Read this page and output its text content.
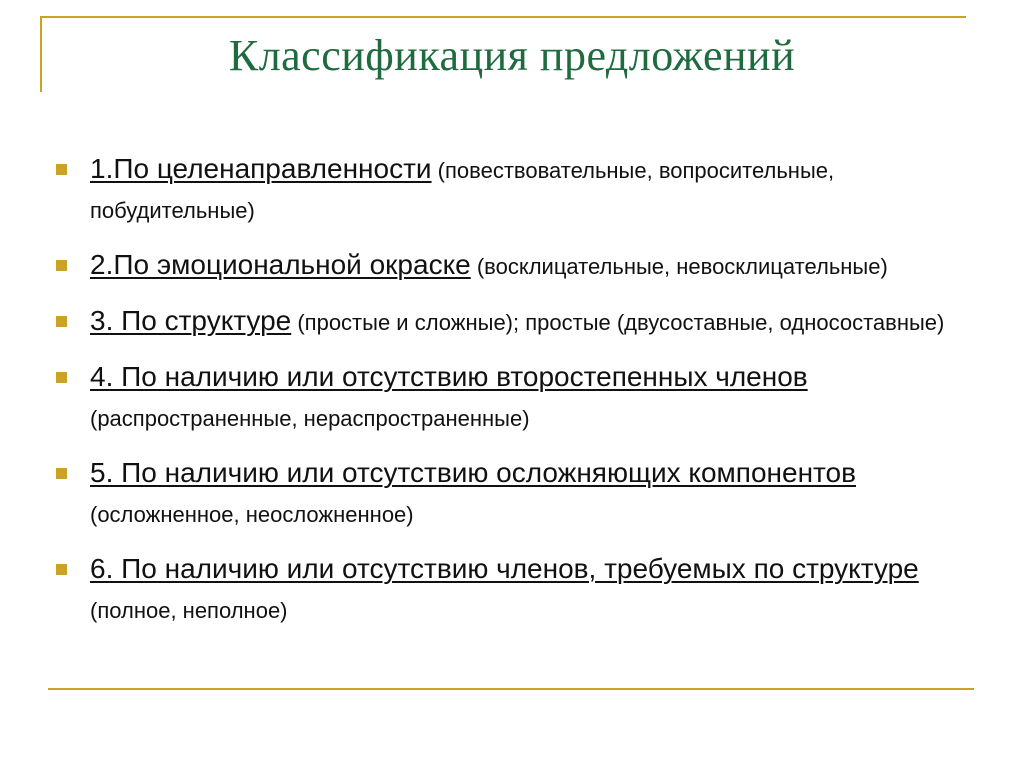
Классификация предложений
1.По целенаправленности (повествовательные, вопросительные, побудительные)
2.По эмоциональной окраске (восклицательные, невосклицательные)
3. По структуре (простые и сложные); простые (двусоставные, односоставные)
4. По наличию или отсутствию второстепенных членов (распространенные, нераспространенные)
5. По наличию или отсутствию осложняющих компонентов (осложненное, неосложненное)
6. По наличию или отсутствию членов, требуемых по структуре (полное, неполное)
